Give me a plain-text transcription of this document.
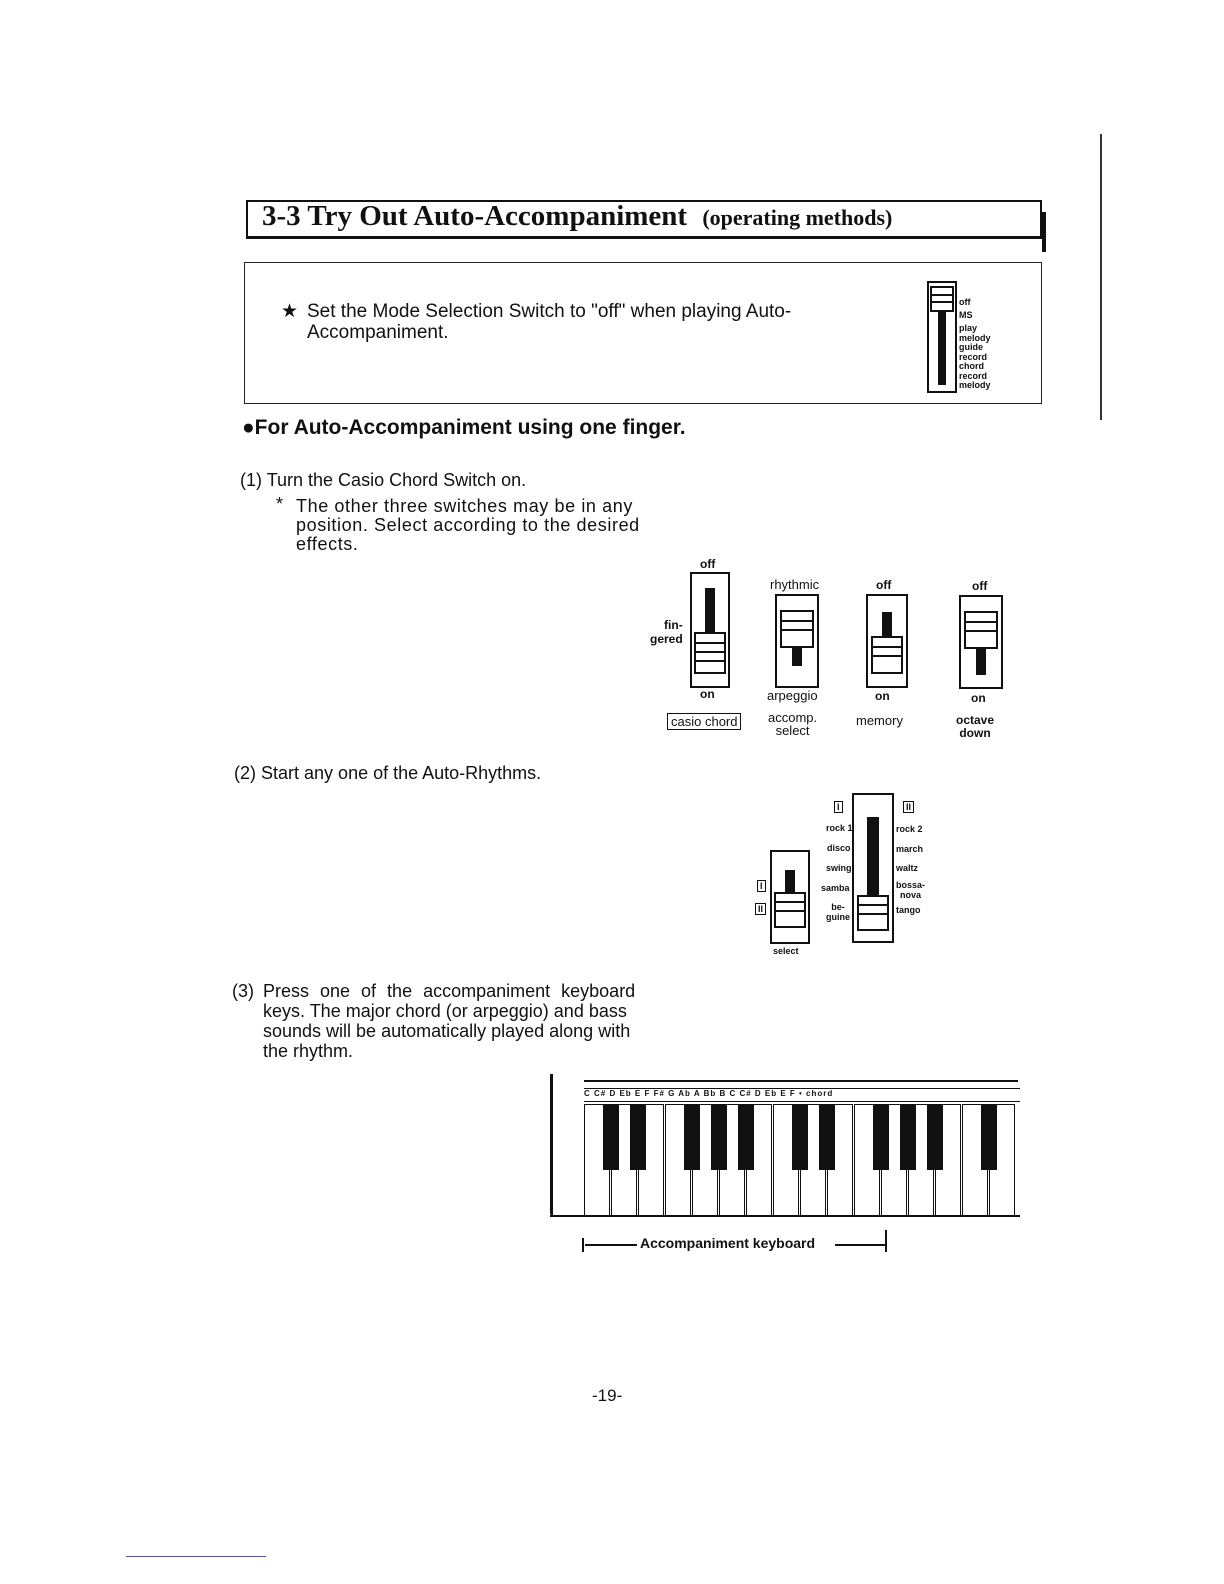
3-3 Try Out Auto-Accompaniment (operating methods)
★ Set the Mode Selection Switch to "off" when playing Auto-
Accompaniment.
off
MS
play
melody
guide
record
chord
record
melody
●For Auto-Accompaniment using one finger.
(1) Turn the Casio Chord Switch on.
* The other three switches may be in any
position. Select according to the desired
effects.
off
fin-
gered
on
casio chord
rhythmic
arpeggio
accomp.
select
off
on
memory
off
on
octave
down
(2) Start any one of the Auto-Rhythms.
I
II
select
I	II
rock 1
disco
swing
samba
be-
guine
rock 2
march
waltz
bossa-
nova
tango
(3) Press one of the accompaniment keyboard
keys. The major chord (or arpeggio) and bass
sounds will be automatically played along with
the rhythm.
C C# D Eb E F F# G Ab A Bb B C C# D Eb E F • chord
Accompaniment keyboard
-19-
